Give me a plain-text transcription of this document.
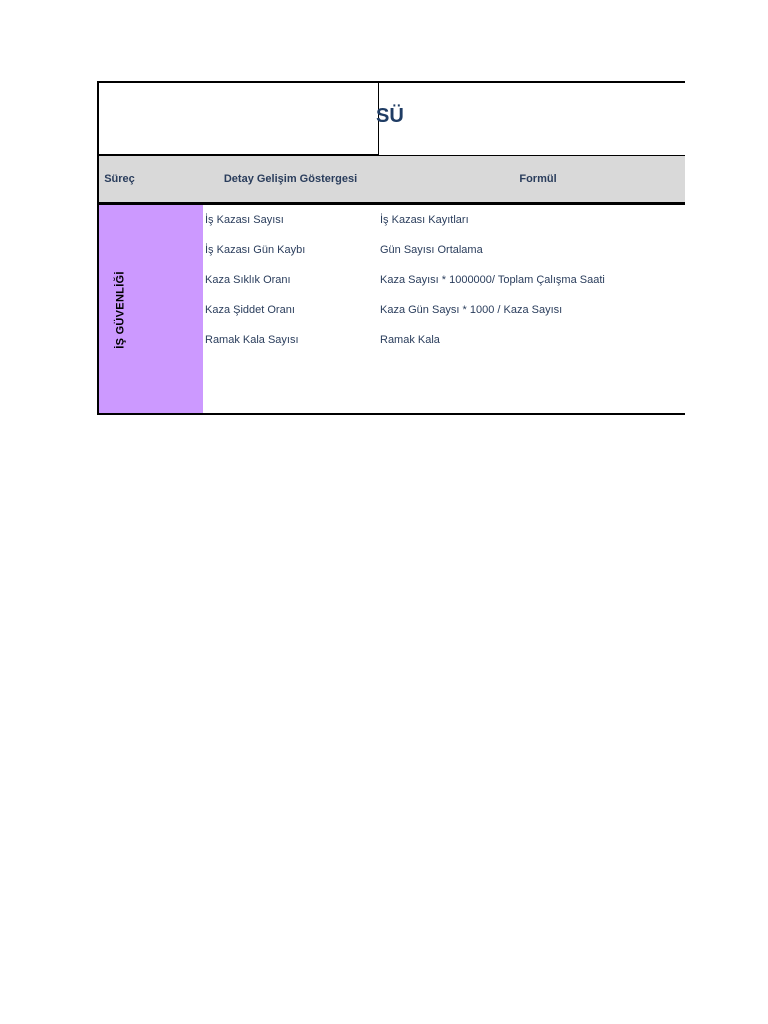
SÜ
Süreç	Detay Gelişim Göstergesi	Formül
İŞ GÜVENLİĞİ
İş Kazası Sayısı	İş Kazası Kayıtları
İş Kazası Gün Kaybı	Gün Sayısı Ortalama
Kaza Sıklık Oranı	Kaza Sayısı * 1000000/ Toplam Çalışma Saati
Kaza Şiddet Oranı	Kaza Gün Saysı * 1000 / Kaza Sayısı
Ramak Kala Sayısı	Ramak Kala
